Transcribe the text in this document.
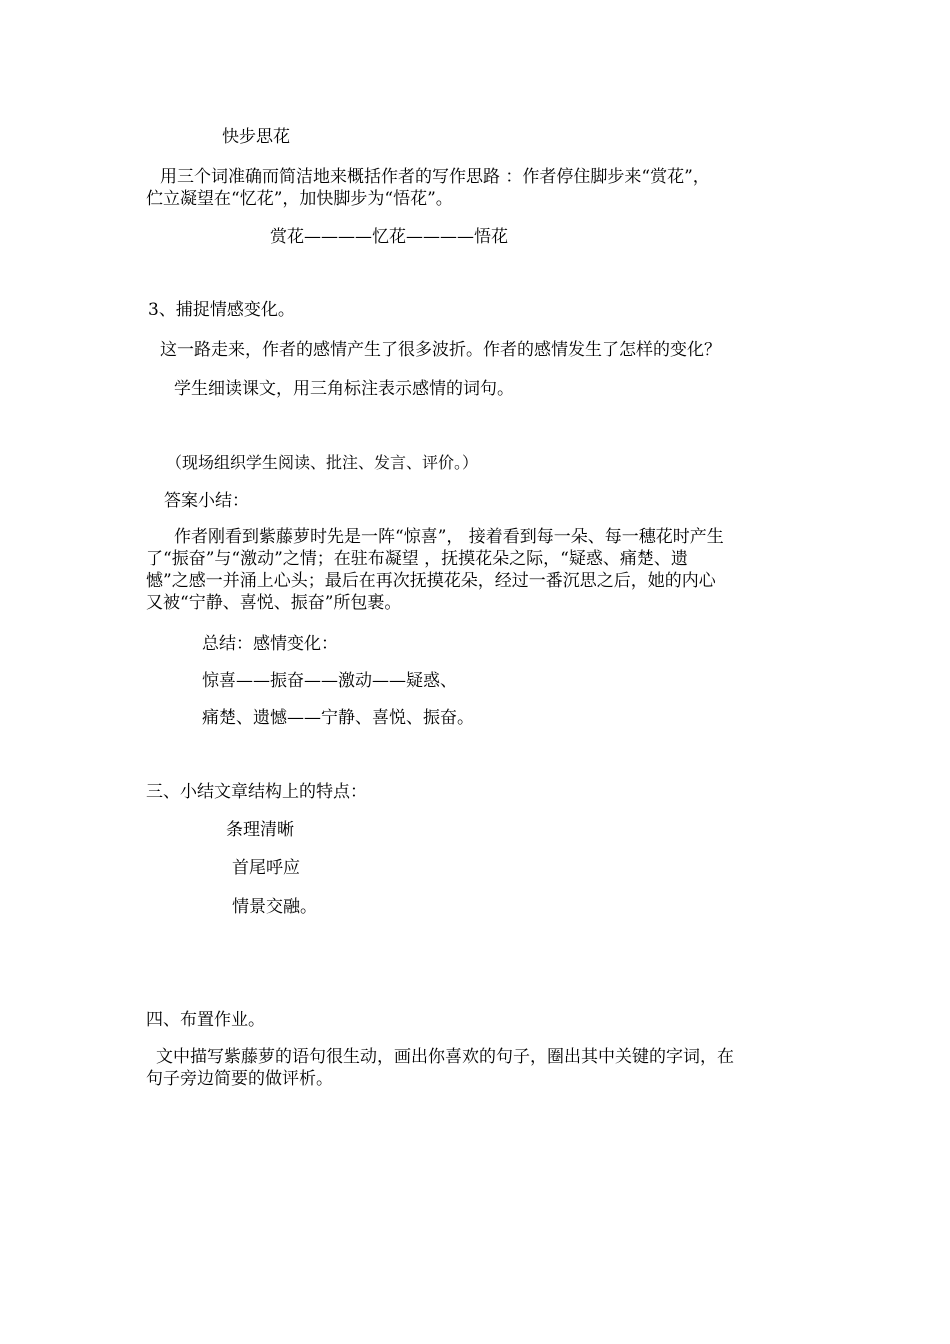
快步思花

用三个词准确而简洁地来概括作者的写作思路 ：作者停住脚步来“赏花”，

伫立凝望在“忆花”，加快脚步为“悟花”。

赏花————忆花————悟花

3、捕捉情感变化。

这一路走来，作者的感情产生了很多波折。作者的感情发生了怎样的变化？

学生细读课文，用三角标注表示感情的词句。

（现场组织学生阅读、批注、发言、评价。）

答案小结：

作者刚看到紫藤萝时先是一阵“惊喜”， 接着看到每一朵、每一穗花时产生
了“振奋”与“激动”之情；在驻布凝望 ，抚摸花朵之际，“疑惑、痛楚、遗
憾”之感一并涌上心头；最后在再次抚摸花朵，经过一番沉思之后，她的内心
又被“宁静、喜悦、振奋”所包裹。

总结：感情变化：

惊喜——振奋——激动——疑惑、

痛楚、遗憾——宁静、喜悦、振奋。

三、小结文章结构上的特点：

条理清晰

首尾呼应

情景交融。

四、布置作业。

文中描写紫藤萝的语句很生动，画出你喜欢的句子，圈出其中关键的字词，在
句子旁边简要的做评析。
